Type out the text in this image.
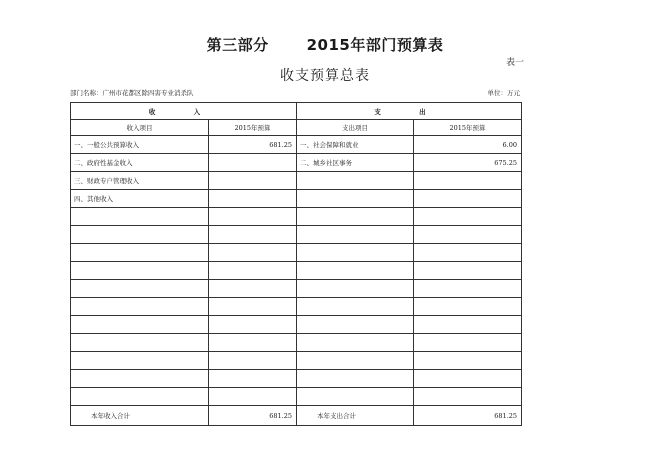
第三部分	2015年部门预算表
表一
收支预算总表
部门名称：广州市花都区除四害专业消杀队	单位：万元
收 入		支 出	
收入项目	2015年预算	支出项目	2015年预算
一、一般公共预算收入	681.25	一、社会保障和就业	6.00
二、政府性基金收入		二、城乡社区事务	675.25
三、财政专户管理收入			
四、其他收入			

本年收入合计	681.25	本年支出合计	681.25
